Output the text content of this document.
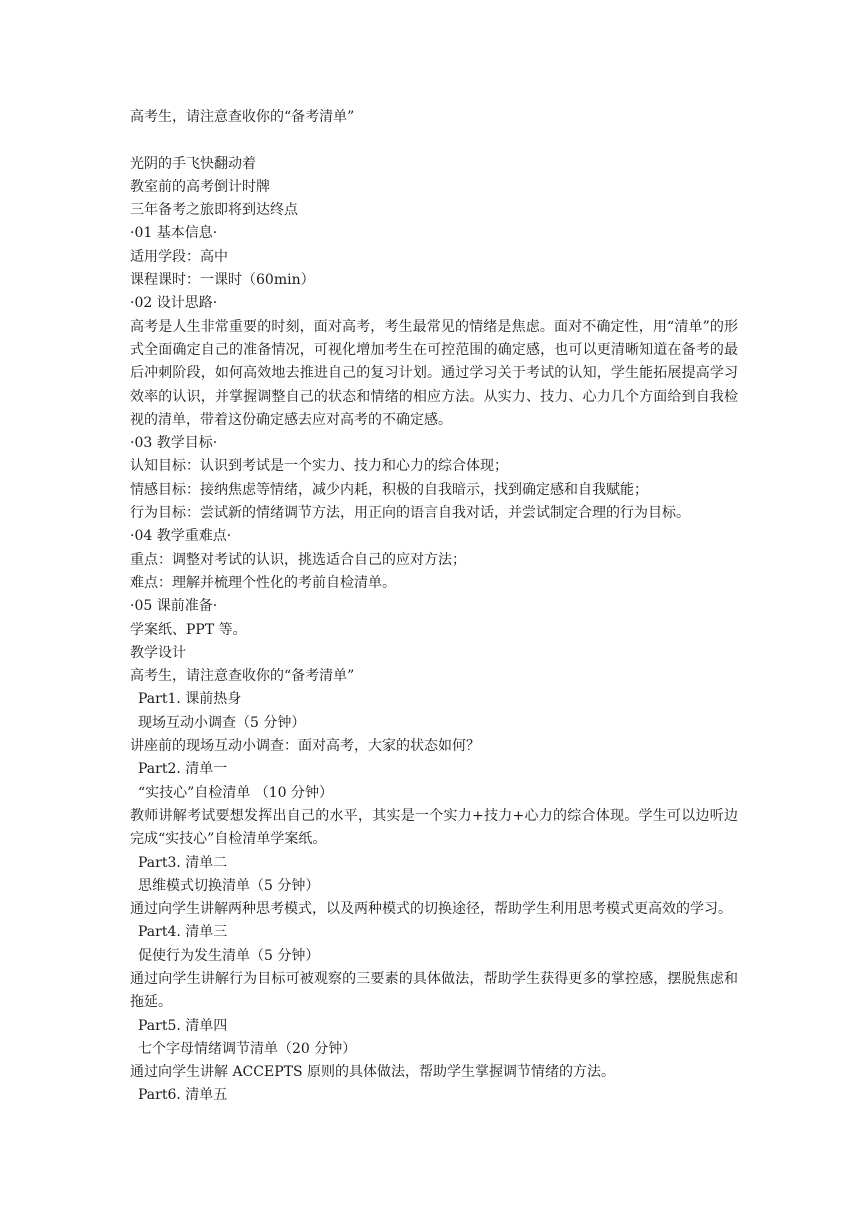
高考生，请注意查收你的“备考清单”
光阴的手飞快翻动着
教室前的高考倒计时牌
三年备考之旅即将到达终点
·01 基本信息·
适用学段：高中
课程课时：一课时（60min）
·02 设计思路·
高考是人生非常重要的时刻，面对高考，考生最常见的情绪是焦虑。面对不确定性，用“清单”的形式全面确定自己的准备情况，可视化增加考生在可控范围的确定感，也可以更清晰知道在备考的最后冲刺阶段，如何高效地去推进自己的复习计划。通过学习关于考试的认知，学生能拓展提高学习效率的认识，并掌握调整自己的状态和情绪的相应方法。从实力、技力、心力几个方面给到自我检视的清单，带着这份确定感去应对高考的不确定感。
·03 教学目标·
认知目标：认识到考试是一个实力、技力和心力的综合体现；
情感目标：接纳焦虑等情绪，减少内耗，积极的自我暗示，找到确定感和自我赋能；
行为目标：尝试新的情绪调节方法，用正向的语言自我对话，并尝试制定合理的行为目标。
·04 教学重难点·
重点：调整对考试的认识，挑选适合自己的应对方法；
难点：理解并梳理个性化的考前自检清单。
·05 课前准备·
学案纸、PPT 等。
教学设计
高考生，请注意查收你的“备考清单”
Part1. 课前热身
现场互动小调查（5 分钟）
讲座前的现场互动小调查：面对高考，大家的状态如何？
Part2. 清单一
“实技心”自检清单 （10 分钟）
教师讲解考试要想发挥出自己的水平，其实是一个实力+技力+心力的综合体现。学生可以边听边完成“实技心”自检清单学案纸。
Part3. 清单二
思维模式切换清单（5 分钟）
通过向学生讲解两种思考模式，以及两种模式的切换途径，帮助学生利用思考模式更高效的学习。
Part4. 清单三
促使行为发生清单（5 分钟）
通过向学生讲解行为目标可被观察的三要素的具体做法，帮助学生获得更多的掌控感，摆脱焦虑和拖延。
Part5. 清单四
七个字母情绪调节清单（20 分钟）
通过向学生讲解 ACCEPTS 原则的具体做法，帮助学生掌握调节情绪的方法。
Part6. 清单五
